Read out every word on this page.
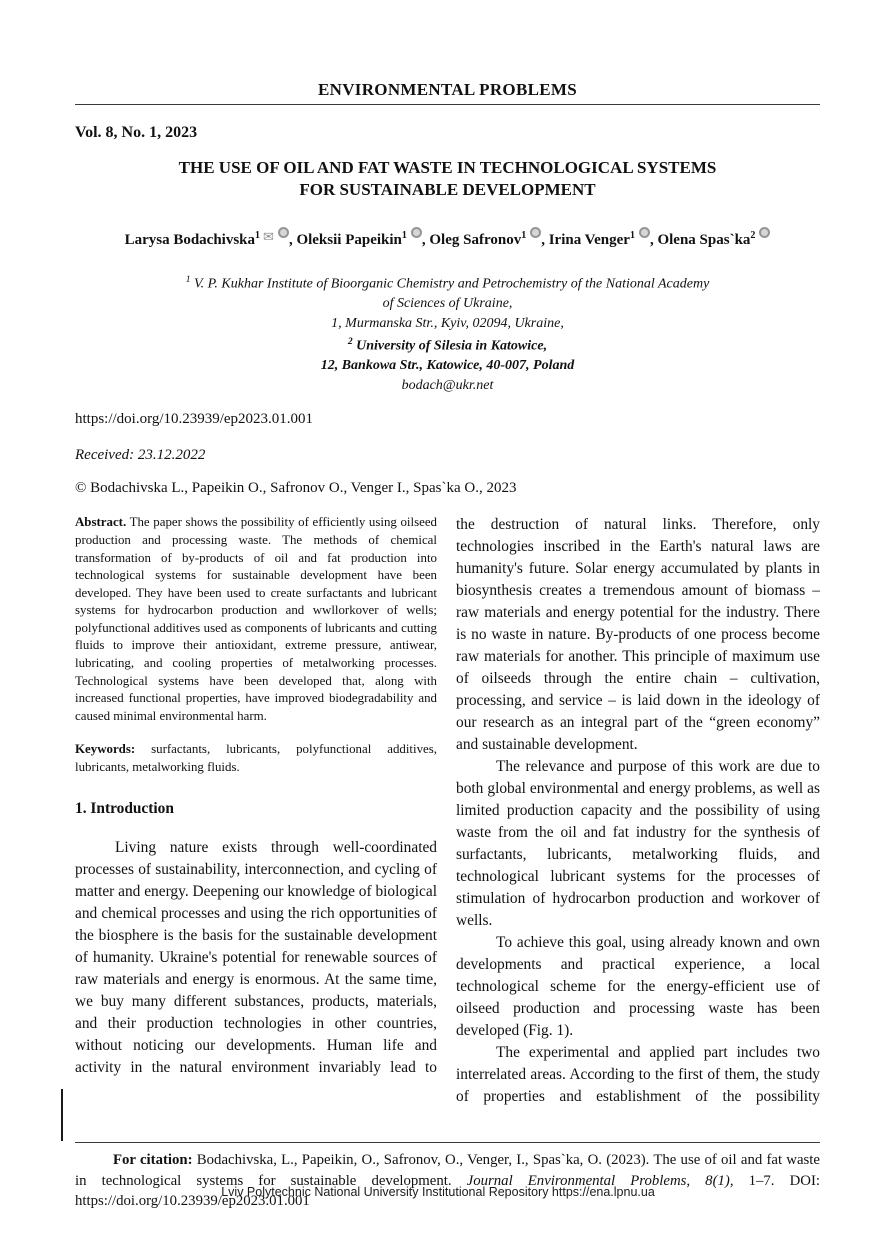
ENVIRONMENTAL PROBLEMS
Vol. 8, No. 1, 2023
THE USE OF OIL AND FAT WASTE IN TECHNOLOGICAL SYSTEMS
FOR SUSTAINABLE DEVELOPMENT
Larysa Bodachivska$^1$ ✉ , Oleksii Papeikin$^1$ , Oleg Safronov$^1$ , Irina Venger$^1$ , Olena $Spas`ka^2$
$^1$ V. P. Kukhar Institute of Bioorganic Chemistry and Petrochemistry of the National Academy
of Sciences of Ukraine,
1, Murmanska Str., Kyiv, 02094, Ukraine,
$^2$ University of Silesia in Katowice,
12, Bankowa Str., Katowice, 40-007, Poland
bodach@ukr.net
https://doi.org/10.23939/ep2023.01.001
Received: 23.12.2022
© Bodachivska L., Papeikin O., Safronov O., Venger I., Spas`ka O., 2023
Abstract. The paper shows the possibility of efficiently using oilseed production and processing waste. The methods of chemical transformation of by-products of oil and fat production into technological systems for sustainable development have been developed. They have been used to create surfactants and lubricant systems for hydrocarbon production and wwllorkover of wells; polyfunctional additives used as components of lubricants and cutting fluids to improve their antioxidant, extreme pressure, antiwear, lubricating, and cooling properties of metalworking processes. Technological systems have been developed that, along with increased functional properties, have improved biodegradability and caused minimal environmental harm.
Keywords: surfactants, lubricants, polyfunctional additives, lubricants, metalworking fluids.
1. Introduction

Living nature exists through well-coordinated processes of sustainability, interconnection, and cycling of matter and energy. Deepening our knowledge of biological and chemical processes and using the rich opportunities of the biosphere is the basis for the sustainable development of humanity. Ukraine's potential for renewable sources of raw materials and energy is enormous. At the same time, we buy many different substances, products, materials, and their production technologies in other countries, without noticing our developments. Human life and activity in the natural environment invariably lead to

the destruction of natural links. Therefore, only technologies inscribed in the Earth's natural laws are humanity's future. Solar energy accumulated by plants in biosynthesis creates a tremendous amount of biomass – raw materials and energy potential for the industry. There is no waste in nature. By-products of one process become raw materials for another. This principle of maximum use of oilseeds through the entire chain – cultivation, processing, and service – is laid down in the ideology of our research as an integral part of the “green economy” and sustainable development.

The relevance and purpose of this work are due to both global environmental and energy problems, as well as limited production capacity and the possibility of using waste from the oil and fat industry for the synthesis of surfactants, lubricants, metalworking fluids, and technological lubricant systems for the processes of stimulation of hydrocarbon production and workover of wells.

To achieve this goal, using already known and own developments and practical experience, a local technological scheme for the energy-efficient use of oilseed production and processing waste has been developed (Fig. 1).

The experimental and applied part includes two interrelated areas. According to the first of them, the study of properties and establishment of the possibility

For citation: Bodachivska, L., Papeikin, O., Safronov, O., Venger, I., Spas`ka, O. (2023). The use of oil and fat waste in technological systems for sustainable development. Journal Environmental Problems, 8(1), 1–7. DOI: https://doi.org/10.23939/ep2023.01.001
Lviv Polytechnic National University Institutional Repository https://ena.lpnu.ua
